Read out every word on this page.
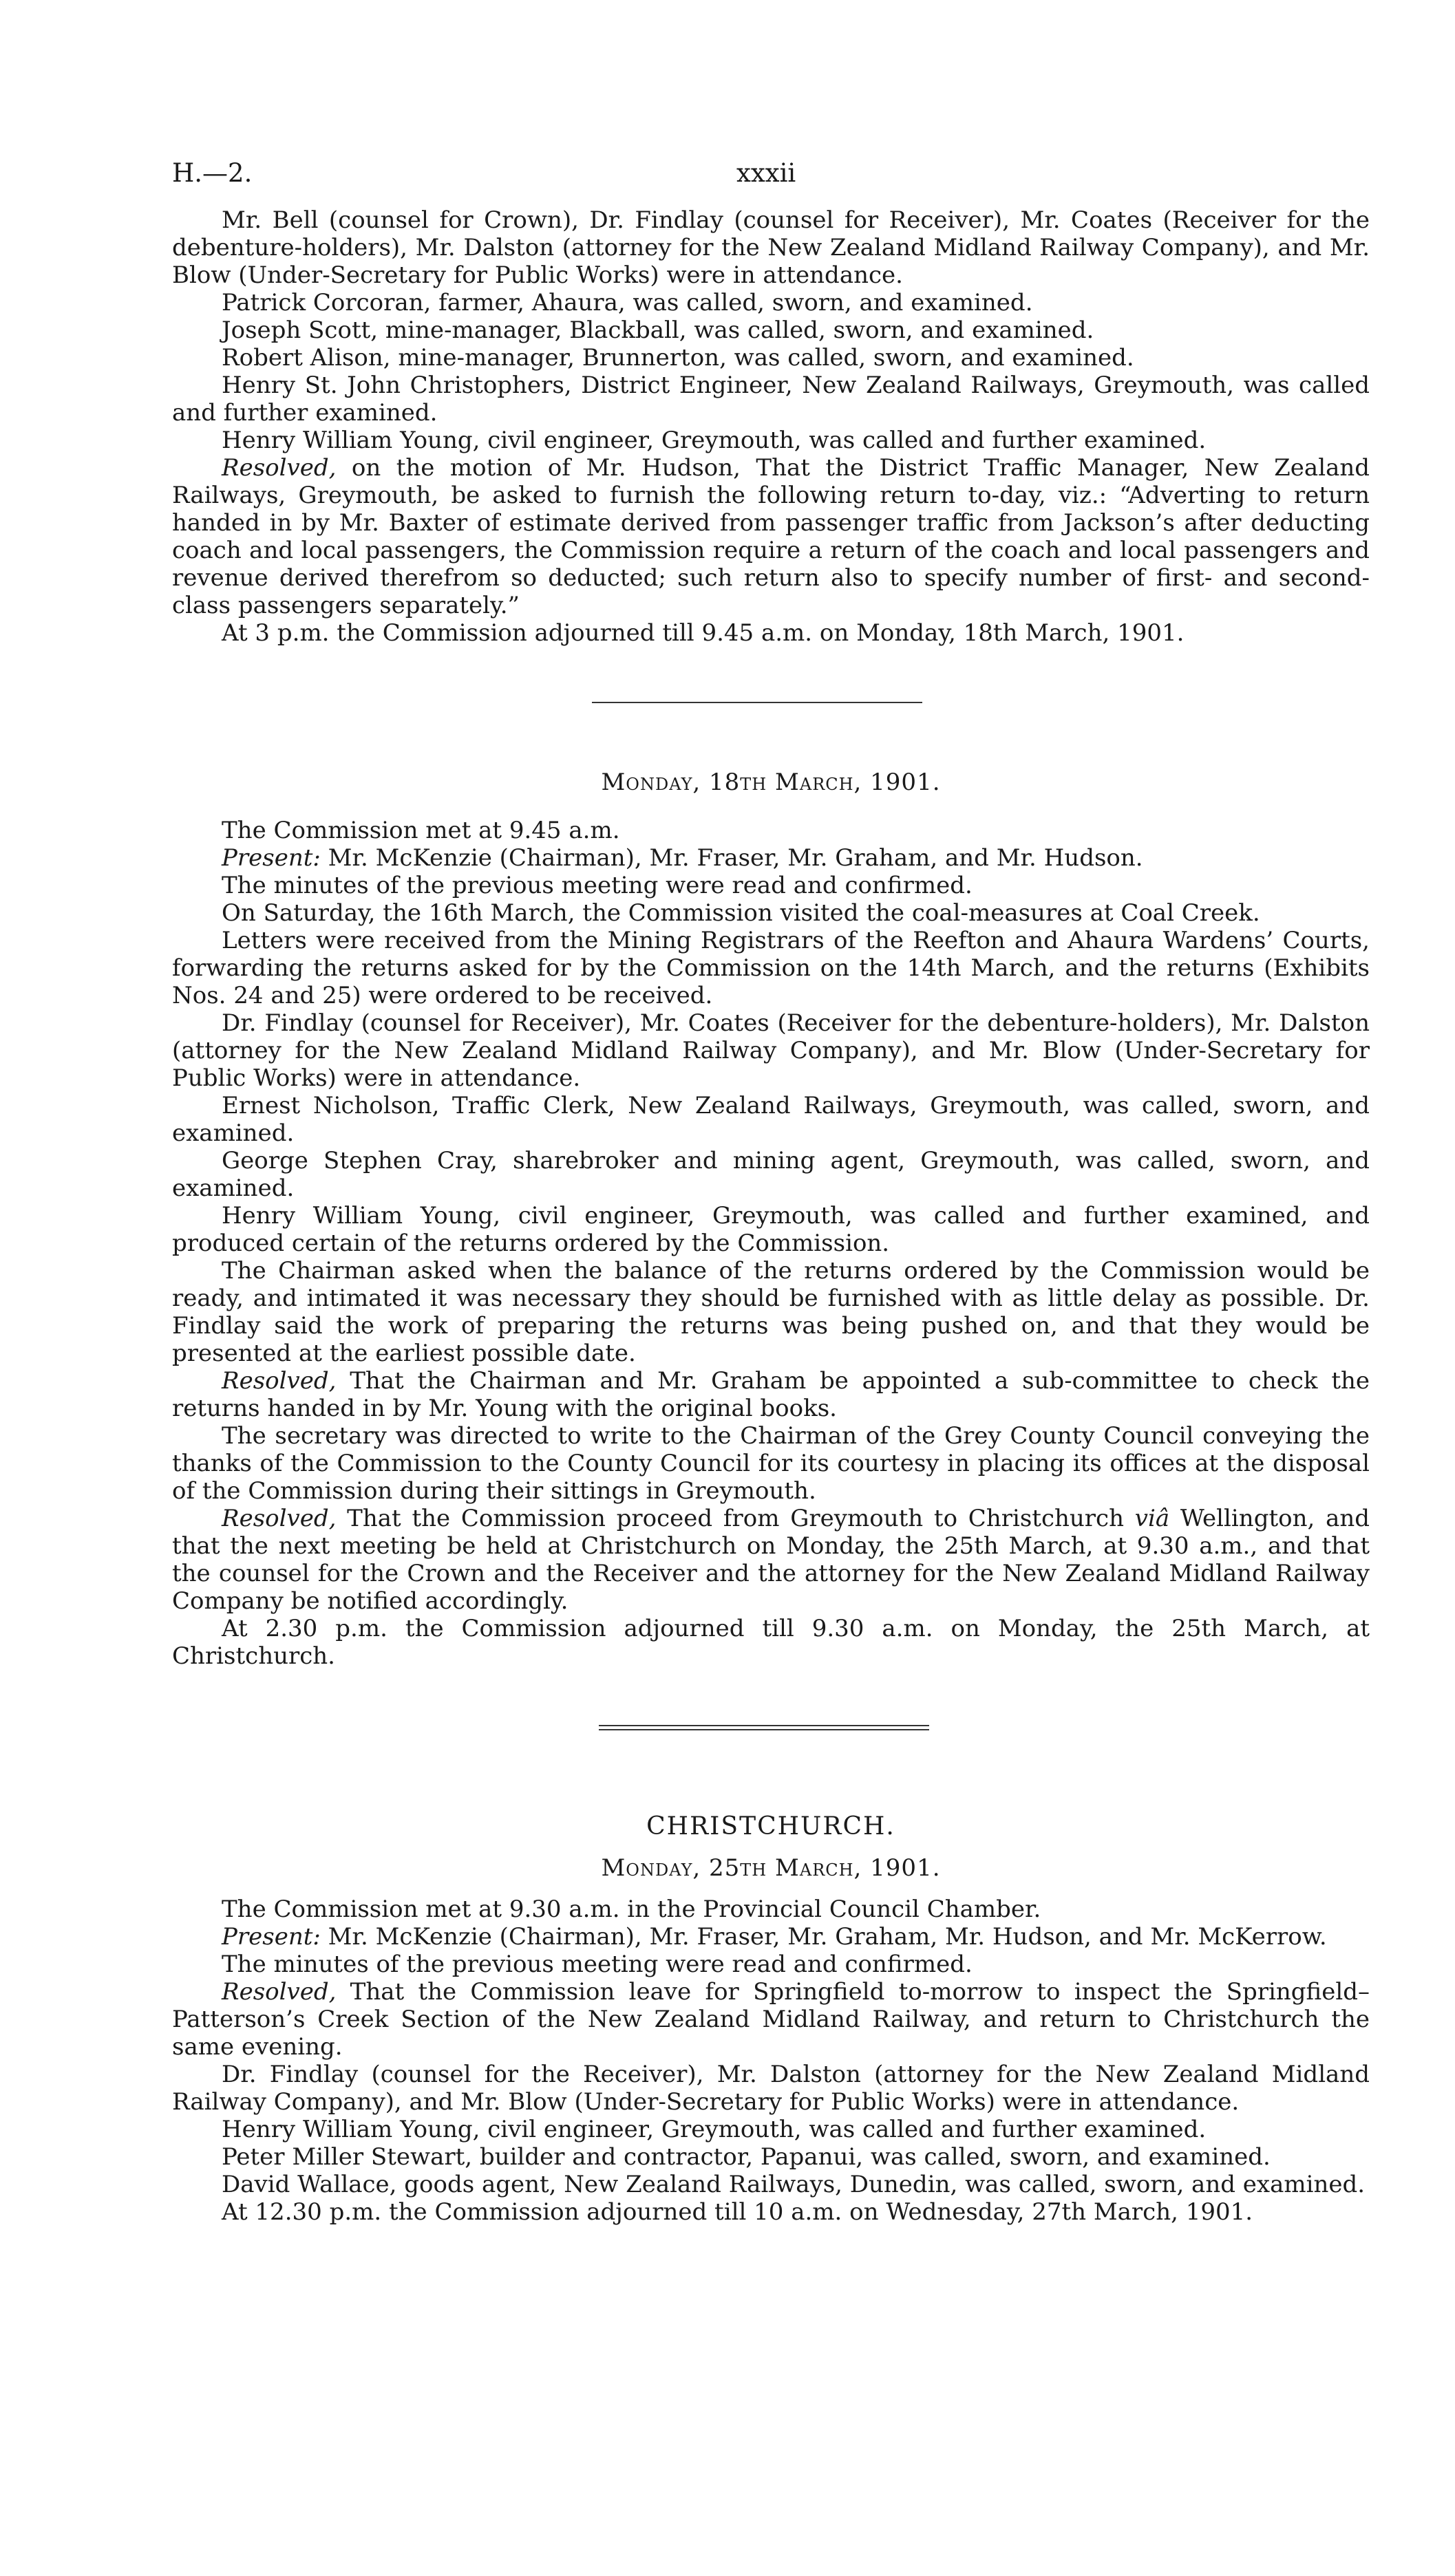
H.—2.	xxxii

Mr. Bell (counsel for Crown), Dr. Findlay (counsel for Receiver), Mr. Coates (Receiver for the debenture-holders), Mr. Dalston (attorney for the New Zealand Midland Railway Company), and Mr. Blow (Under-Secretary for Public Works) were in attendance.

Patrick Corcoran, farmer, Ahaura, was called, sworn, and examined.

Joseph Scott, mine-manager, Blackball, was called, sworn, and examined.

Robert Alison, mine-manager, Brunnerton, was called, sworn, and examined.

Henry St. John Christophers, District Engineer, New Zealand Railways, Greymouth, was called and further examined.

Henry William Young, civil engineer, Greymouth, was called and further examined.

Resolved, on the motion of Mr. Hudson, That the District Traffic Manager, New Zealand Railways, Greymouth, be asked to furnish the following return to-day, viz.: “Adverting to return handed in by Mr. Baxter of estimate derived from passenger traffic from Jackson’s after deducting coach and local passengers, the Commission require a return of the coach and local passengers and revenue derived therefrom so deducted; such return also to specify number of first- and second-class passengers separately.”

At 3 p.m. the Commission adjourned till 9.45 a.m. on Monday, 18th March, 1901.

Monday, 18th March, 1901.

The Commission met at 9.45 a.m.

Present: Mr. McKenzie (Chairman), Mr. Fraser, Mr. Graham, and Mr. Hudson.

The minutes of the previous meeting were read and confirmed.

On Saturday, the 16th March, the Commission visited the coal-measures at Coal Creek.

Letters were received from the Mining Registrars of the Reefton and Ahaura Wardens’ Courts, forwarding the returns asked for by the Commission on the 14th March, and the returns (Exhibits Nos. 24 and 25) were ordered to be received.

Dr. Findlay (counsel for Receiver), Mr. Coates (Receiver for the debenture-holders), Mr. Dalston (attorney for the New Zealand Midland Railway Company), and Mr. Blow (Under-Secretary for Public Works) were in attendance.

Ernest Nicholson, Traffic Clerk, New Zealand Railways, Greymouth, was called, sworn, and examined.

George Stephen Cray, sharebroker and mining agent, Greymouth, was called, sworn, and examined.

Henry William Young, civil engineer, Greymouth, was called and further examined, and produced certain of the returns ordered by the Commission.

The Chairman asked when the balance of the returns ordered by the Commission would be ready, and intimated it was necessary they should be furnished with as little delay as possible. Dr. Findlay said the work of preparing the returns was being pushed on, and that they would be presented at the earliest possible date.

Resolved, That the Chairman and Mr. Graham be appointed a sub-committee to check the returns handed in by Mr. Young with the original books.

The secretary was directed to write to the Chairman of the Grey County Council conveying the thanks of the Commission to the County Council for its courtesy in placing its offices at the disposal of the Commission during their sittings in Greymouth.

Resolved, That the Commission proceed from Greymouth to Christchurch viâ Wellington, and that the next meeting be held at Christchurch on Monday, the 25th March, at 9.30 a.m., and that the counsel for the Crown and the Receiver and the attorney for the New Zealand Midland Railway Company be notified accordingly.

At 2.30 p.m. the Commission adjourned till 9.30 a.m. on Monday, the 25th March, at Christchurch.

CHRISTCHURCH.
Monday, 25th March, 1901.

The Commission met at 9.30 a.m. in the Provincial Council Chamber.

Present: Mr. McKenzie (Chairman), Mr. Fraser, Mr. Graham, Mr. Hudson, and Mr. McKerrow.

The minutes of the previous meeting were read and confirmed.

Resolved, That the Commission leave for Springfield to-morrow to inspect the Springfield–Patterson’s Creek Section of the New Zealand Midland Railway, and return to Christchurch the same evening.

Dr. Findlay (counsel for the Receiver), Mr. Dalston (attorney for the New Zealand Midland Railway Company), and Mr. Blow (Under-Secretary for Public Works) were in attendance.

Henry William Young, civil engineer, Greymouth, was called and further examined.

Peter Miller Stewart, builder and contractor, Papanui, was called, sworn, and examined.

David Wallace, goods agent, New Zealand Railways, Dunedin, was called, sworn, and examined.

At 12.30 p.m. the Commission adjourned till 10 a.m. on Wednesday, 27th March, 1901.
